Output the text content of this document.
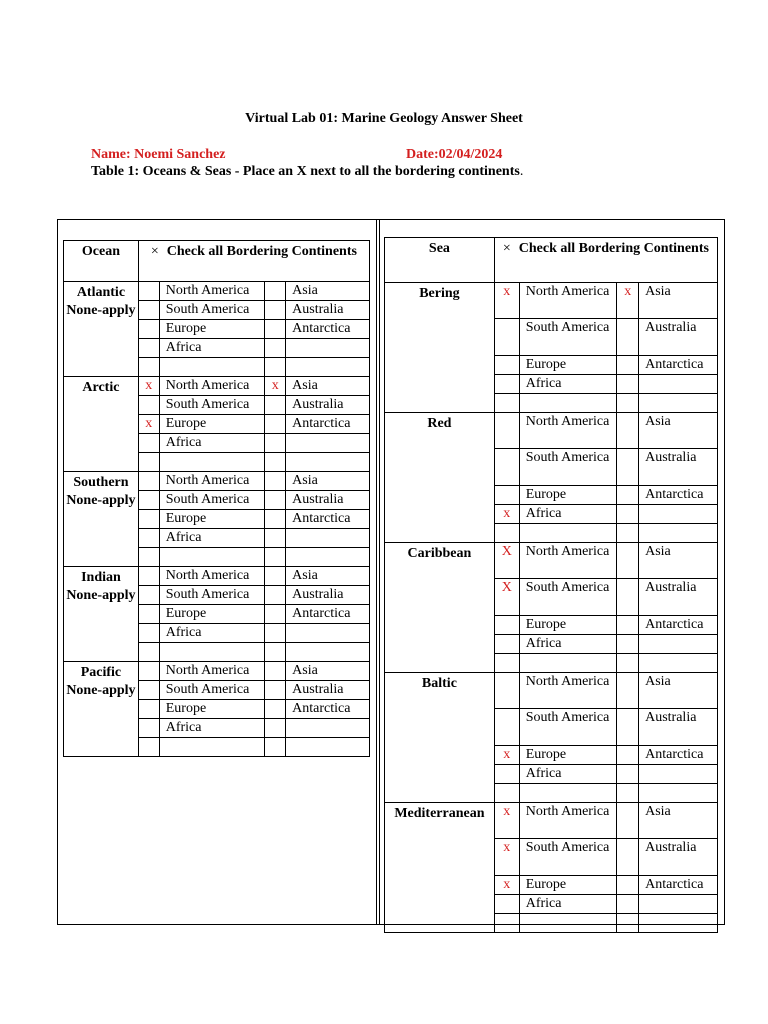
Virtual Lab 01: Marine Geology Answer Sheet
Name: Noemi Sanchez	Date:02/04/2024
Table 1: Oceans & Seas - Place an X next to all the bordering continents.
Ocean	× Check all Bordering Continents			
Atlantic None-apply		North America		Asia
		South America		Australia
		Europe		Antarctica
		Africa		

Arctic	x	North America	x	Asia
		South America		Australia
	x	Europe		Antarctica
		Africa		

Southern None-apply		North America		Asia
		South America		Australia
		Europe		Antarctica
		Africa		

Indian None-apply		North America		Asia
		South America		Australia
		Europe		Antarctica
		Africa		

Pacific None-apply		North America		Asia
		South America		Australia
		Europe		Antarctica
		Africa		

Sea	× Check all Bordering Continents			
Bering	x	North America	x	Asia
		South America		Australia
		Europe		Antarctica
		Africa		

Red		North America		Asia
		South America		Australia
		Europe		Antarctica
	x	Africa		

Caribbean	X	North America		Asia
	X	South America		Australia
		Europe		Antarctica
		Africa		

Baltic		North America		Asia
		South America		Australia
	x	Europe		Antarctica
		Africa		

Mediterranean	x	North America		Asia
	x	South America		Australia
	x	Europe		Antarctica
		Africa		
